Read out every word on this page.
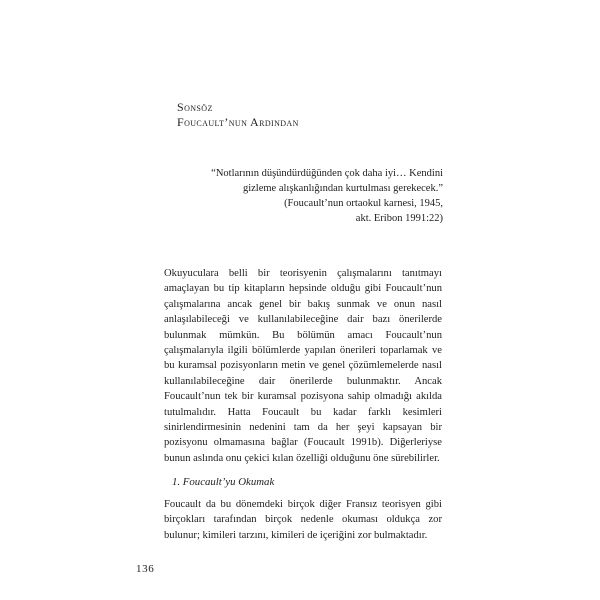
Sonsöz
Foucault’nun Ardından
“Notlarının düşündürdüğünden çok daha iyi… Kendini
gizleme alışkanlığından kurtulması gerekecek.”
(Foucault’nun ortaokul karnesi, 1945,
akt. Eribon 1991:22)

Okuyuculara belli bir teorisyenin çalışmalarını tanıtmayı amaçlayan bu tip kitapların hepsinde olduğu gibi Foucault’nun çalışmalarına ancak genel bir bakış sunmak ve onun nasıl anlaşılabileceği ve kullanılabileceğine dair bazı önerilerde bulunmak mümkün. Bu bölümün amacı Foucault’nun çalışmalarıyla ilgili bölümlerde yapılan önerileri toparlamak ve bu kuramsal pozisyonların metin ve genel çözümlemelerde nasıl kullanılabileceğine dair önerilerde bulunmaktır. Ancak Foucault’nun tek bir kuramsal pozisyona sahip olmadığı akılda tutulmalıdır. Hatta Foucault bu kadar farklı kesimleri sinirlendirmesinin nedenini tam da her şeyi kapsayan bir pozisyonu olmamasına bağlar (Foucault 1991b). Diğerleriyse bunun aslında onu çekici kılan özelliği olduğunu öne sürebilirler.

1. Foucault’yu Okumak

Foucault da bu dönemdeki birçok diğer Fransız teorisyen gibi birçokları tarafından birçok nedenle okuması oldukça zor bulunur; kimileri tarzını, kimileri de içeriğini zor bulmaktadır.

136
